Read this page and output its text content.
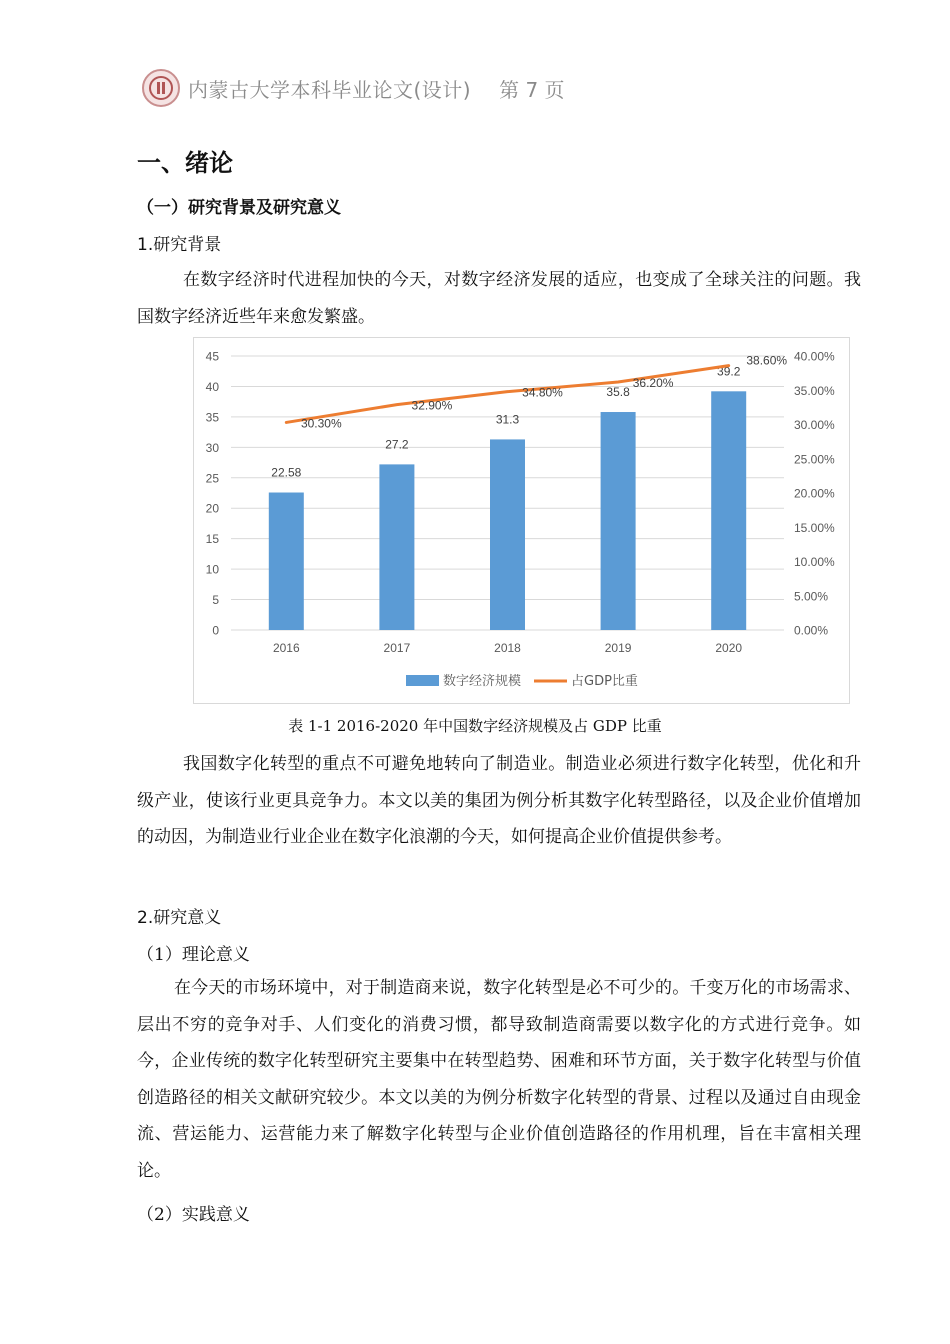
内蒙古大学本科毕业论文(设计) 第 7 页
一、绪论
（一）研究背景及研究意义
1.研究背景

在数字经济时代进程加快的今天，对数字经济发展的适应，也变成了全球关注的问题。我国数字经济近些年来愈发繁盛。

0
5
10
15
20
25
30
35
40
45
0.00%
5.00%
10.00%
15.00%
20.00%
25.00%
30.00%
35.00%
40.00%
22.58
27.2
31.3
35.8
39.2
2016	2017	2018	2019	2020
30.30%
32.90%
34.80%
36.20%
38.60%
数字经济规模	占GDP比重
表 1-1 2016-2020 年中国数字经济规模及占 GDP 比重

我国数字化转型的重点不可避免地转向了制造业。制造业必须进行数字化转型，优化和升级产业，使该行业更具竞争力。本文以美的集团为例分析其数字化转型路径，以及企业价值增加的动因，为制造业行业企业在数字化浪潮的今天，如何提高企业价值提供参考。

2.研究意义
（1）理论意义

在今天的市场环境中，对于制造商来说，数字化转型是必不可少的。千变万化的市场需求、层出不穷的竞争对手、人们变化的消费习惯，都导致制造商需要以数字化的方式进行竞争。如今，企业传统的数字化转型研究主要集中在转型趋势、困难和环节方面，关于数字化转型与价值创造路径的相关文献研究较少。本文以美的为例分析数字化转型的背景、过程以及通过自由现金流、营运能力、运营能力来了解数字化转型与企业价值创造路径的作用机理，旨在丰富相关理论。

（2）实践意义
